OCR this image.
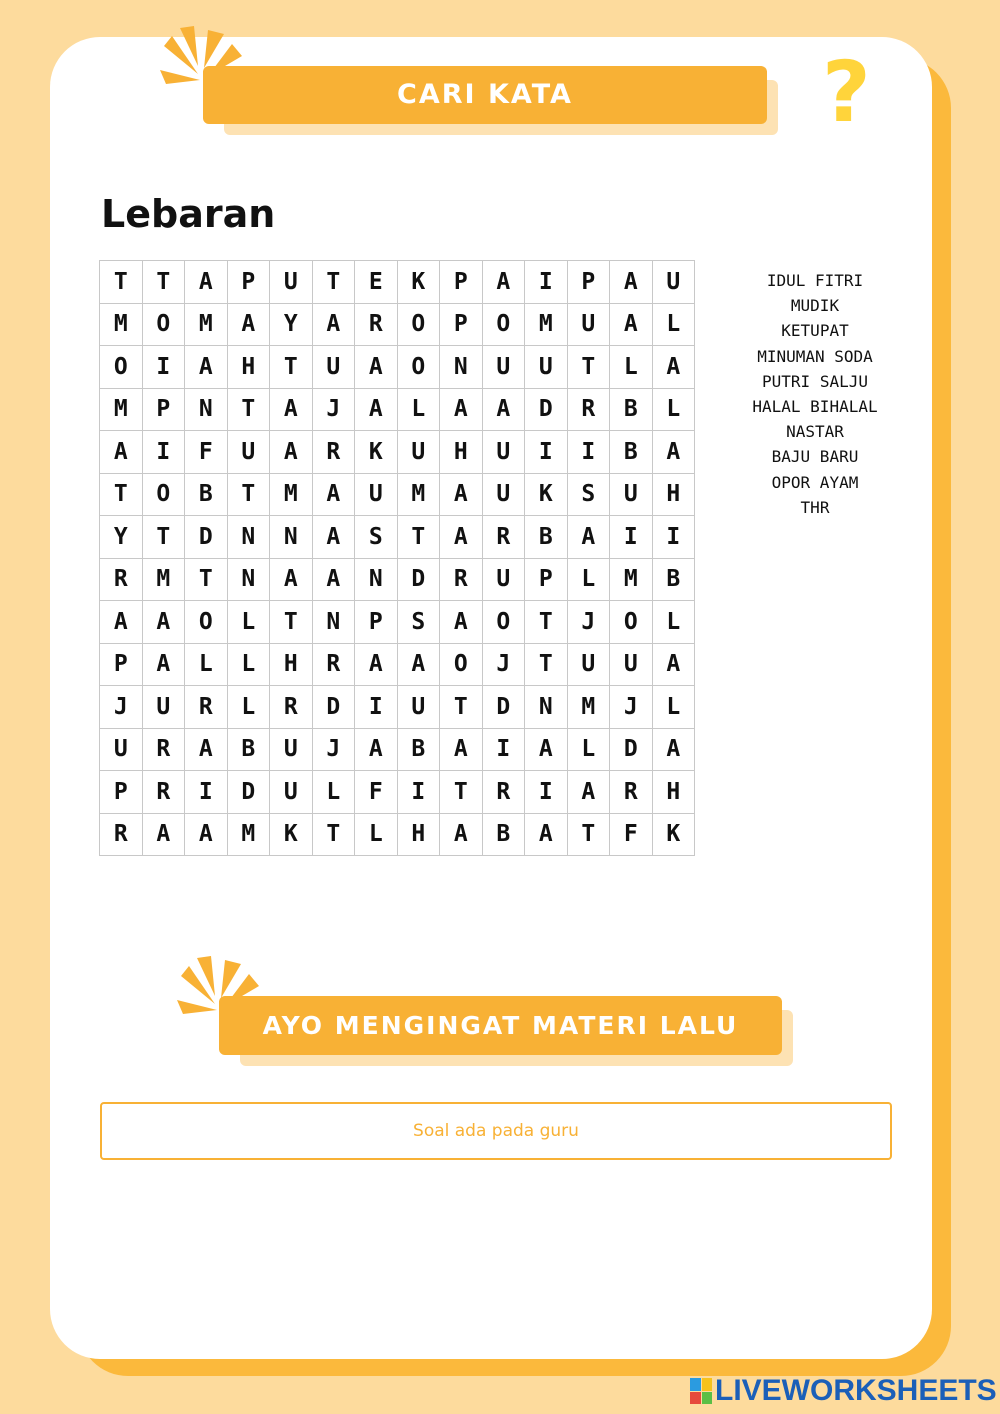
CARI KATA	?
Lebaran
T	T	A	P	U	T	E	K	P	A	I	P	A	U
M	O	M	A	Y	A	R	O	P	O	M	U	A	L
O	I	A	H	T	U	A	O	N	U	U	T	L	A
M	P	N	T	A	J	A	L	A	A	D	R	B	L
A	I	F	U	A	R	K	U	H	U	I	I	B	A
T	O	B	T	M	A	U	M	A	U	K	S	U	H
Y	T	D	N	N	A	S	T	A	R	B	A	I	I
R	M	T	N	A	A	N	D	R	U	P	L	M	B
A	A	O	L	T	N	P	S	A	O	T	J	O	L
P	A	L	L	H	R	A	A	O	J	T	U	U	A
J	U	R	L	R	D	I	U	T	D	N	M	J	L
U	R	A	B	U	J	A	B	A	I	A	L	D	A
P	R	I	D	U	L	F	I	T	R	I	A	R	H
R	A	A	M	K	T	L	H	A	B	A	T	F	K
IDUL FITRI
MUDIK
KETUPAT
MINUMAN SODA
PUTRI SALJU
HALAL BIHALAL
NASTAR
BAJU BARU
OPOR AYAM
THR
AYO MENGINGAT MATERI LALU
Soal ada pada guru
LIVEWORKSHEETS
